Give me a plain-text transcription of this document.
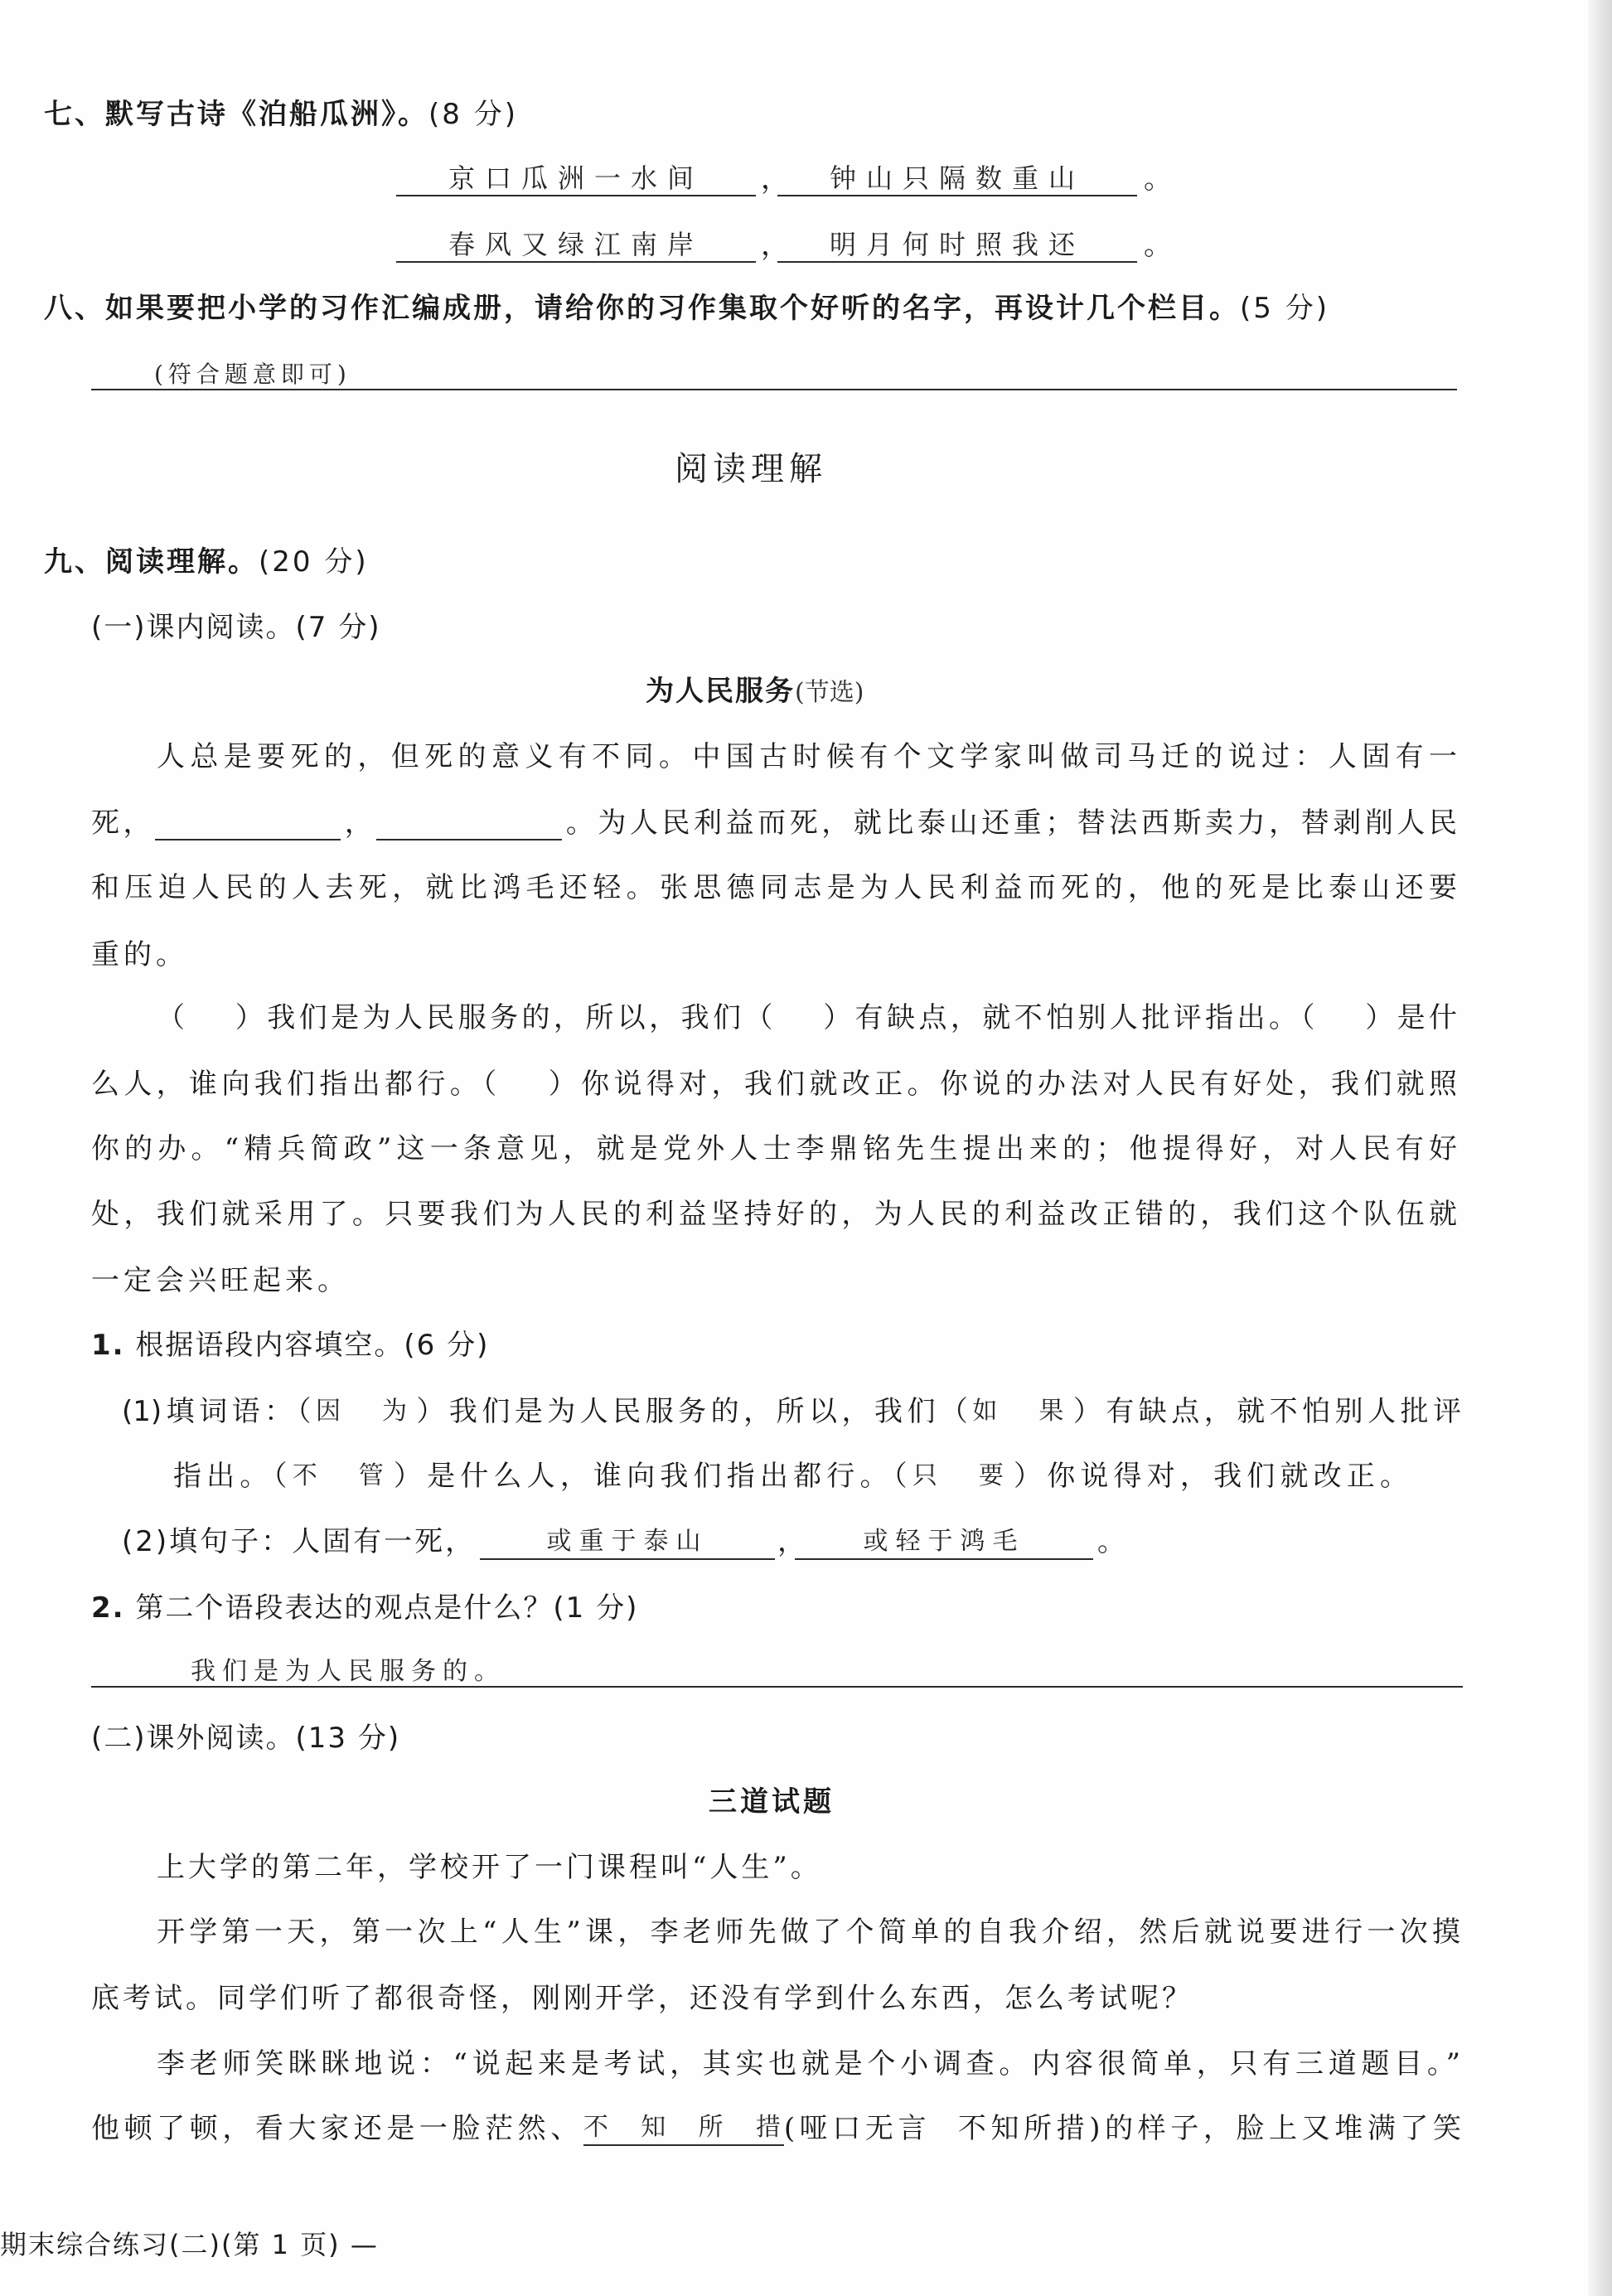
七、默写古诗《泊船瓜洲》。(8 分)
京口瓜洲一水间	，	钟山只隔数重山	。
春风又绿江南岸	，	明月何时照我还	。
八、如果要把小学的习作汇编成册，请给你的习作集取个好听的名字，再设计几个栏目。(5 分)
(符合题意即可)
阅读理解
九、阅读理解。(20 分)
(一)课内阅读。(7 分)
为人民服务(节选)
人总是要死的，但死的意义有不同。中国古时候有个文学家叫做司马迁的说过：人固有一
死，	，	。为人民利益而死，就比泰山还重；替法西斯卖力，替剥削人民
和压迫人民的人去死，就比鸿毛还轻。张思德同志是为人民利益而死的，他的死是比泰山还要
重的。
（ ）我们是为人民服务的，所以，我们（ ）有缺点，就不怕别人批评指出。（ ）是什
么人，谁向我们指出都行。（ ）你说得对，我们就改正。你说的办法对人民有好处，我们就照
你的办。“精兵简政”这一条意见，就是党外人士李鼎铭先生提出来的；他提得好，对人民有好
处，我们就采用了。只要我们为人民的利益坚持好的，为人民的利益改正错的，我们这个队伍就
一定会兴旺起来。
1. 根据语段内容填空。(6 分)
(1)填词语：（因为）我们是为人民服务的，所以，我们（如果）有缺点，就不怕别人批评
指出。（不管）是什么人，谁向我们指出都行。（只要）你说得对，我们就改正。
(2)填句子：人固有一死，	或重于泰山	，	或轻于鸿毛	。
2. 第二个语段表达的观点是什么？(1 分)
我们是为人民服务的。
(二)课外阅读。(13 分)
三道试题
上大学的第二年，学校开了一门课程叫“人生”。
开学第一天，第一次上“人生”课，李老师先做了个简单的自我介绍，然后就说要进行一次摸
底考试。同学们听了都很奇怪，刚刚开学，还没有学到什么东西，怎么考试呢？
李老师笑眯眯地说：“说起来是考试，其实也就是个小调查。内容很简单，只有三道题目。”
他顿了顿，看大家还是一脸茫然、不知所措(哑口无言  不知所措)的样子，脸上又堆满了笑
期末综合练习(二)(第 1 页) —
